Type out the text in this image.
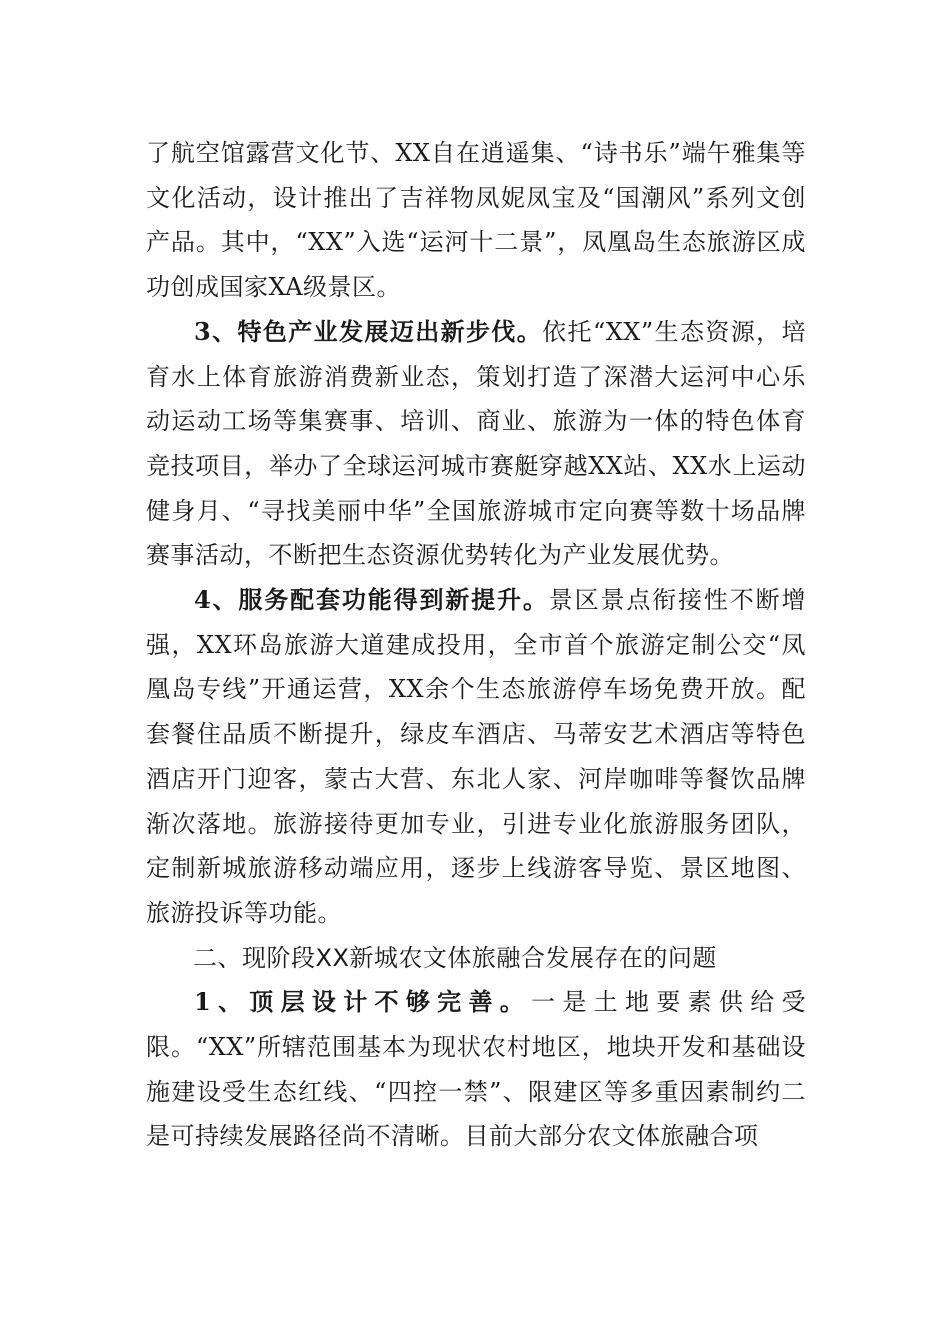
了航空馆露营文化节、XX自在逍遥集、“诗书乐”端午雅集等文化活动，设计推出了吉祥物凤妮凤宝及“国潮风”系列文创产品。其中，“XX”入选“运河十二景”，凤凰岛生态旅游区成功创成国家XA级景区。

3、特色产业发展迈出新步伐。依托“XX”生态资源，培育水上体育旅游消费新业态，策划打造了深潜大运河中心乐动运动工场等集赛事、培训、商业、旅游为一体的特色体育竞技项目，举办了全球运河城市赛艇穿越XX站、XX水上运动健身月、“寻找美丽中华”全国旅游城市定向赛等数十场品牌赛事活动，不断把生态资源优势转化为产业发展优势。

4、服务配套功能得到新提升。景区景点衔接性不断增强，XX环岛旅游大道建成投用，全市首个旅游定制公交“凤凰岛专线”开通运营，XX余个生态旅游停车场免费开放。配套餐住品质不断提升，绿皮车酒店、马蒂安艺术酒店等特色酒店开门迎客，蒙古大营、东北人家、河岸咖啡等餐饮品牌渐次落地。旅游接待更加专业，引进专业化旅游服务团队，定制新城旅游移动端应用，逐步上线游客导览、景区地图、旅游投诉等功能。

二、现阶段XX新城农文体旅融合发展存在的问题

1、顶层设计不够完善。一是土地要素供给受限。“XX”所辖范围基本为现状农村地区，地块开发和基础设施建设受生态红线、“四控一禁”、限建区等多重因素制约二是可持续发展路径尚不清晰。目前大部分农文体旅融合项
